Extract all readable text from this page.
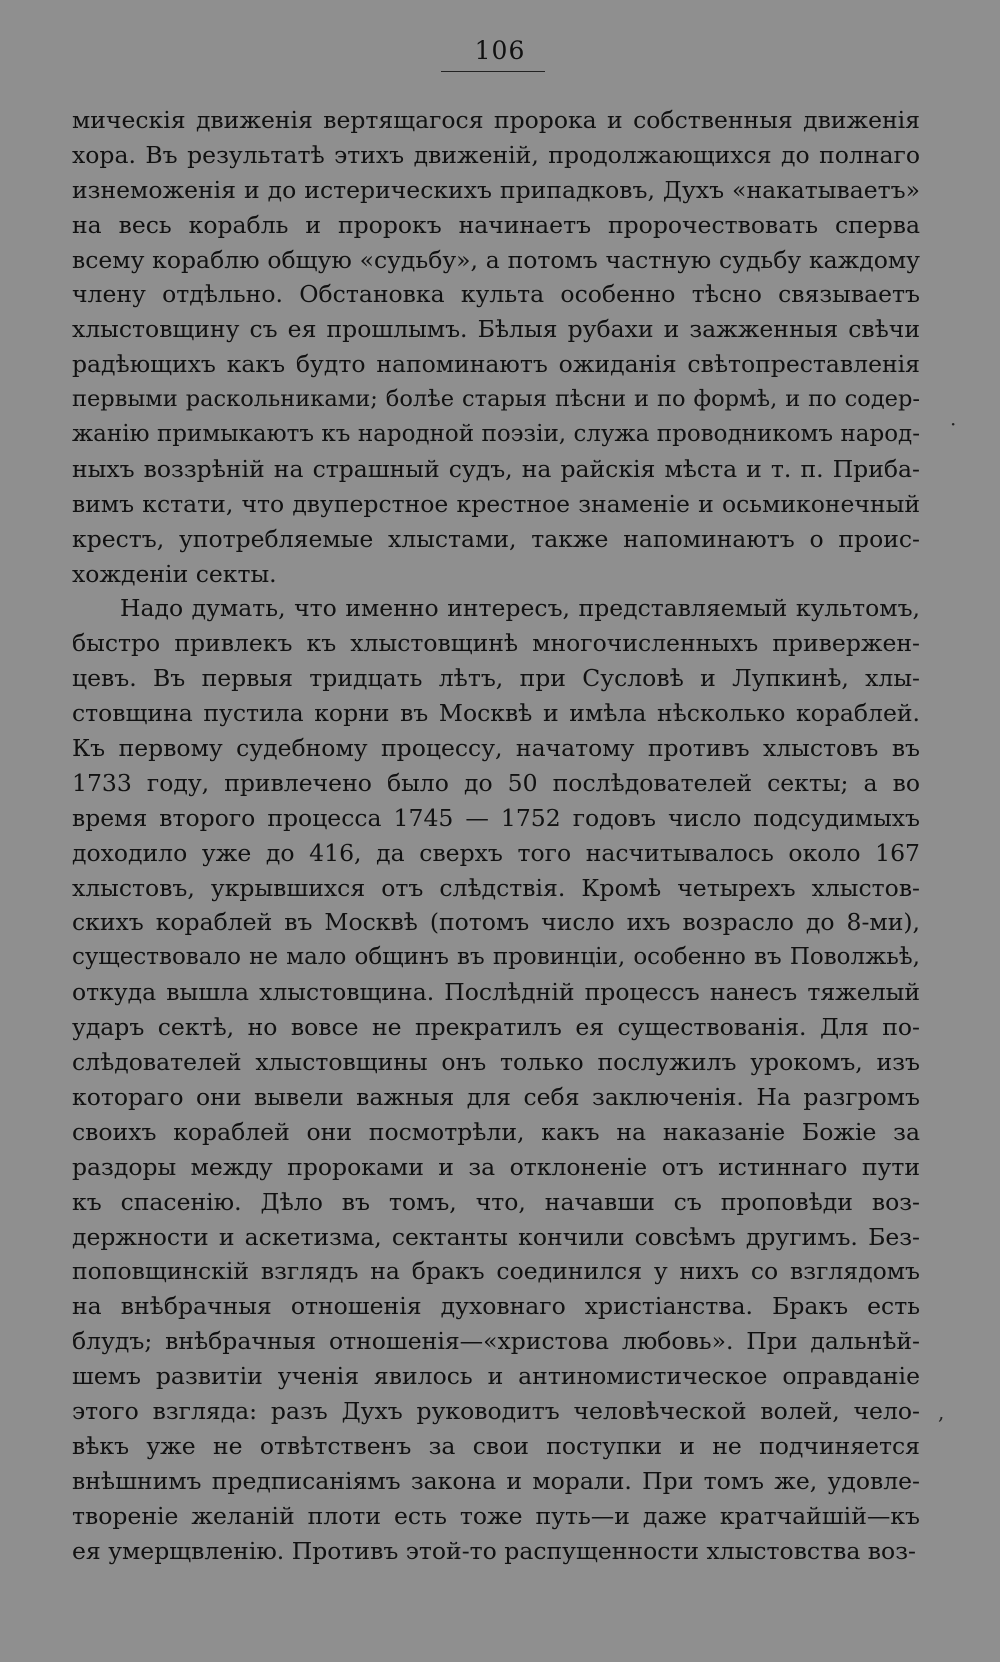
106
мическія движенія вертящагося пророка и собственныя движенія
хора. Въ результатѣ этихъ движеній, продолжающихся до полнаго
изнеможенія и до истерическихъ припадковъ, Духъ «накатываетъ»
на весь корабль и пророкъ начинаетъ пророчествовать сперва
всему кораблю общую «судьбу», а потомъ частную судьбу каждому
члену отдѣльно. Обстановка культа особенно тѣсно связываетъ
хлыстовщину съ ея прошлымъ. Бѣлыя рубахи и зажженныя свѣчи
радѣющихъ какъ будто напоминаютъ ожиданія свѣтопреставленія
первыми раскольниками; болѣе старыя пѣсни и по формѣ, и по содер-
жанію примыкаютъ къ народной поэзіи, служа проводникомъ народ-
ныхъ воззрѣній на страшный судъ, на райскія мѣста и т. п. Приба-
вимъ кстати, что двуперстное крестное знаменіе и осьмиконечный
крестъ, употребляемые хлыстами, также напоминаютъ о проис-
хожденіи секты.
Надо думать, что именно интересъ, представляемый культомъ,
быстро привлекъ къ хлыстовщинѣ многочисленныхъ привержен-
цевъ. Въ первыя тридцать лѣтъ, при Сусловѣ и Лупкинѣ, хлы-
стовщина пустила корни въ Москвѣ и имѣла нѣсколько кораблей.
Къ первому судебному процессу, начатому противъ хлыстовъ въ
1733 году, привлечено было до 50 послѣдователей секты; а во
время второго процесса 1745 — 1752 годовъ число подсудимыхъ
доходило уже до 416, да сверхъ того насчитывалось около 167
хлыстовъ, укрывшихся отъ слѣдствія. Кромѣ четырехъ хлыстов-
скихъ кораблей въ Москвѣ (потомъ число ихъ возрасло до 8-ми),
существовало не мало общинъ въ провинціи, особенно въ Поволжьѣ,
откуда вышла хлыстовщина. Послѣдній процессъ нанесъ тяжелый
ударъ сектѣ, но вовсе не прекратилъ ея существованія. Для по-
слѣдователей хлыстовщины онъ только послужилъ урокомъ, изъ
котораго они вывели важныя для себя заключенія. На разгромъ
своихъ кораблей они посмотрѣли, какъ на наказаніе Божіе за
раздоры между пророками и за отклоненіе отъ истиннаго пути
къ спасенію. Дѣло въ томъ, что, начавши съ проповѣди воз-
держности и аскетизма, сектанты кончили совсѣмъ другимъ. Без-
поповщинскій взглядъ на бракъ соединился у нихъ со взглядомъ
на внѣбрачныя отношенія духовнаго христіанства. Бракъ есть
блудъ; внѣбрачныя отношенія—«христова любовь». При дальнѣй-
шемъ развитіи ученія явилось и антиномистическое оправданіе
этого взгляда: разъ Духъ руководитъ человѣческой волей, чело-
вѣкъ уже не отвѣтственъ за свои поступки и не подчиняется
внѣшнимъ предписаніямъ закона и морали. При томъ же, удовле-
твореніе желаній плоти есть тоже путь—и даже кратчайшій—къ
ея умерщвленію. Противъ этой-то распущенности хлыстовства воз-
·
,
